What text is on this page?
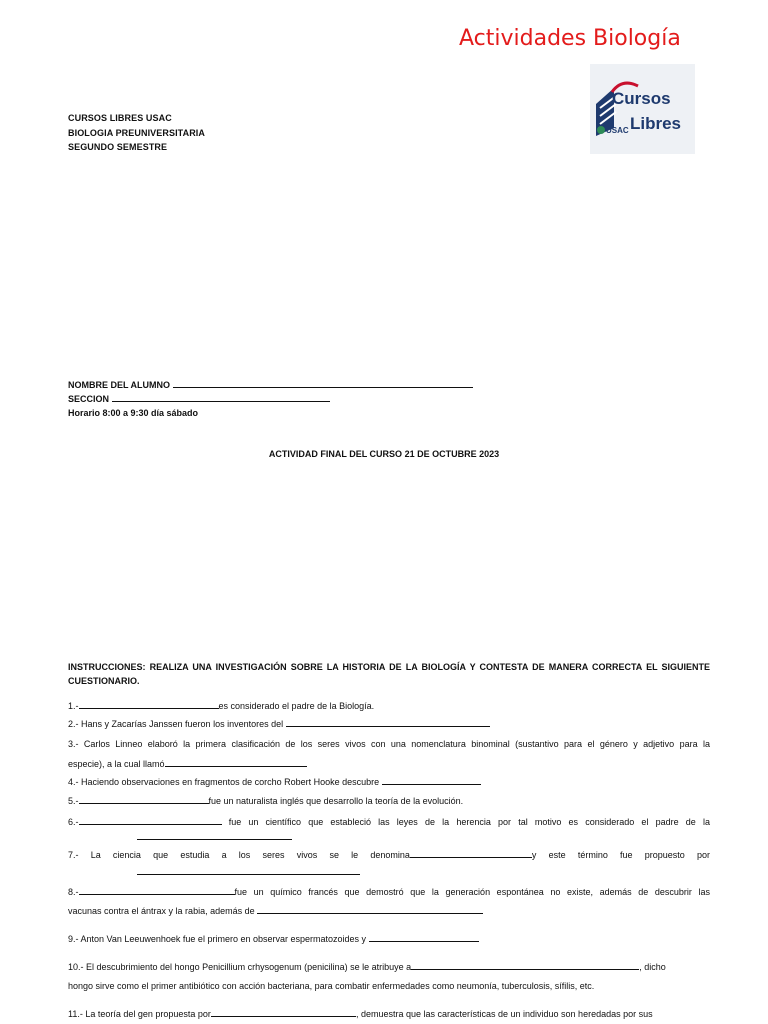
Actividades Biología
Cursos
Libres
USAC
CURSOS LIBRES USAC
BIOLOGIA PREUNIVERSITARIA
SEGUNDO SEMESTRE
NOMBRE DEL ALUMNO
SECCION
Horario 8:00 a 9:30 día sábado
ACTIVIDAD FINAL DEL CURSO 21 DE OCTUBRE 2023
INSTRUCCIONES: REALIZA UNA INVESTIGACIÓN SOBRE LA HISTORIA DE LA BIOLOGÍA Y CONTESTA DE MANERA CORRECTA EL SIGUIENTE CUESTIONARIO.
1.-	es considerado el padre de la Biología.
2.- Hans y Zacarías Janssen fueron los inventores del
3.- Carlos Linneo elaboró la primera clasificación de los seres vivos con una nomenclatura binominal (sustantivo para el género y adjetivo para la
especie), a la cual llamó
4.- Haciendo observaciones en fragmentos de corcho Robert Hooke descubre
5.-	fue un naturalista inglés que desarrollo la teoría de la evolución.
6.-	fue un científico que estableció las leyes de la herencia por tal motivo es considerado el padre de la
7.- La ciencia que estudia a los seres vivos se le denomina	y este término fue propuesto por
8.-	fue un químico francés que demostró que la generación espontánea no existe, además de descubrir las
vacunas contra el ántrax y la rabia, además de
9.- Anton Van Leeuwenhoek fue el primero en observar espermatozoides y
10.- El descubrimiento del hongo Penicillium crhysogenum (penicilina) se le atribuye a	, dicho
hongo sirve como el primer antibiótico con acción bacteriana, para combatir enfermedades como neumonía, tuberculosis, sífilis, etc.
11.- La teoría del gen propuesta por	, demuestra que las características de un individuo son heredadas por sus
